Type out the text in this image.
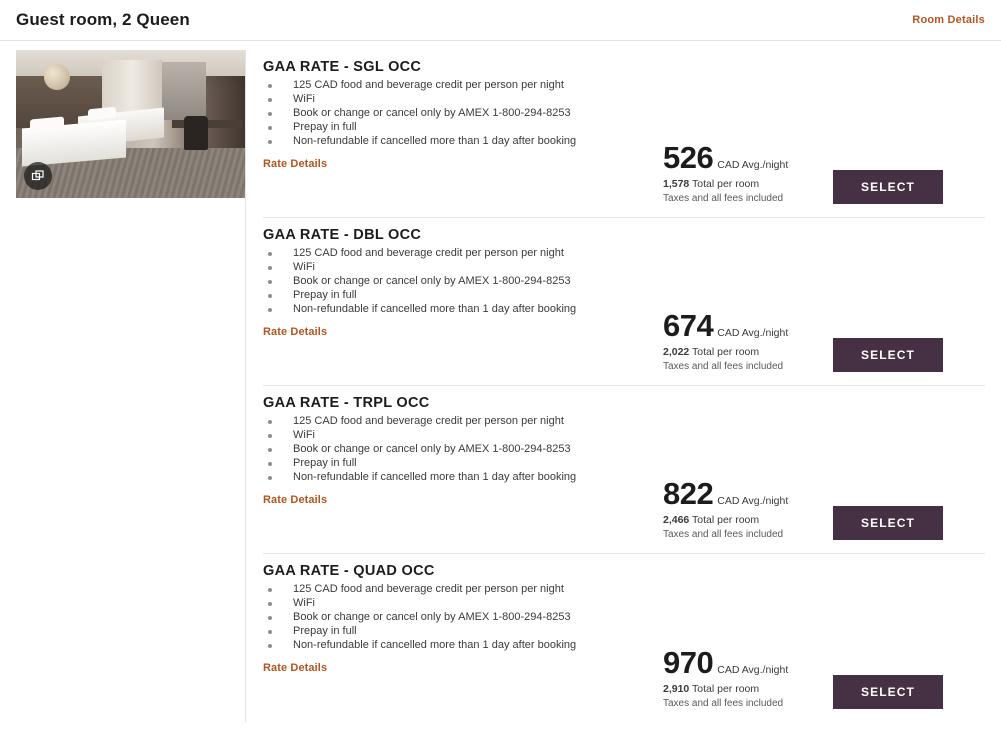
Guest room, 2 Queen	Room Details
GAA RATE - SGL OCC
125 CAD food and beverage credit per person per night
WiFi
Book or change or cancel only by AMEX 1-800-294-8253
Prepay in full
Non-refundable if cancelled more than 1 day after booking
Rate Details	526 CAD Avg./night
1,578 Total per room
Taxes and all fees included
SELECT
GAA RATE - DBL OCC
125 CAD food and beverage credit per person per night
WiFi
Book or change or cancel only by AMEX 1-800-294-8253
Prepay in full
Non-refundable if cancelled more than 1 day after booking
Rate Details	674 CAD Avg./night
2,022 Total per room
Taxes and all fees included
SELECT
GAA RATE - TRPL OCC
125 CAD food and beverage credit per person per night
WiFi
Book or change or cancel only by AMEX 1-800-294-8253
Prepay in full
Non-refundable if cancelled more than 1 day after booking
Rate Details	822 CAD Avg./night
2,466 Total per room
Taxes and all fees included
SELECT
GAA RATE - QUAD OCC
125 CAD food and beverage credit per person per night
WiFi
Book or change or cancel only by AMEX 1-800-294-8253
Prepay in full
Non-refundable if cancelled more than 1 day after booking
Rate Details	970 CAD Avg./night
2,910 Total per room
Taxes and all fees included
SELECT
